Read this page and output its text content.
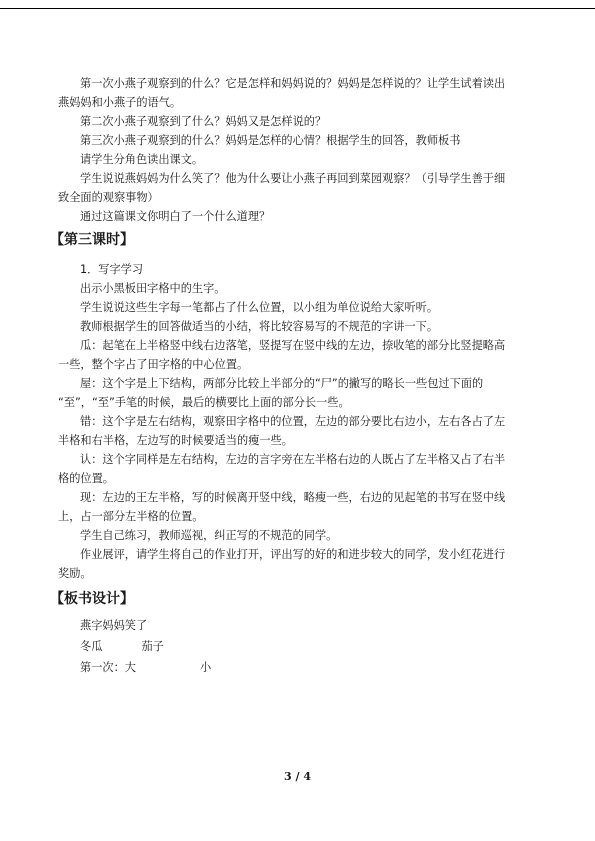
第一次小燕子观察到的什么？它是怎样和妈妈说的？妈妈是怎样说的？让学生试着读出
燕妈妈和小燕子的语气。

第二次小燕子观察到了什么？妈妈又是怎样说的？

第三次小燕子观察到的什么？妈妈是怎样的心情？根据学生的回答，教师板书

请学生分角色读出课文。

学生说说燕妈妈为什么笑了？他为什么要让小燕子再回到菜园观察？（引导学生善于细
致全面的观察事物）

通过这篇课文你明白了一个什么道理？

【第三课时】

1．写字学习

出示小黑板田字格中的生字。

学生说说这些生字每一笔都占了什么位置，以小组为单位说给大家听听。

教师根据学生的回答做适当的小结，将比较容易写的不规范的字讲一下。

瓜：起笔在上半格竖中线右边落笔，竖提写在竖中线的左边，捺收笔的部分比竖提略高
一些，整个字占了田字格的中心位置。

屋：这个字是上下结构，两部分比较上半部分的“尸”的撇写的略长一些包过下面的
“至”，“至”手笔的时候，最后的横要比上面的部分长一些。

错：这个字是左右结构，观察田字格中的位置，左边的部分要比右边小，左右各占了左
半格和右半格，左边写的时候要适当的瘦一些。

认：这个字同样是左右结构，左边的言字旁在左半格右边的人既占了左半格又占了右半
格的位置。

现：左边的王左半格，写的时候离开竖中线，略瘦一些，右边的见起笔的书写在竖中线
上，占一部分左半格的位置。

学生自己练习，教师巡视，纠正写的不规范的同学。

作业展评，请学生将自己的作业打开，评出写的好的和进步较大的同学，发小红花进行
奖励。

【板书设计】
燕字妈妈笑了
冬瓜           茄子
第一次：大                  小
3 / 4
